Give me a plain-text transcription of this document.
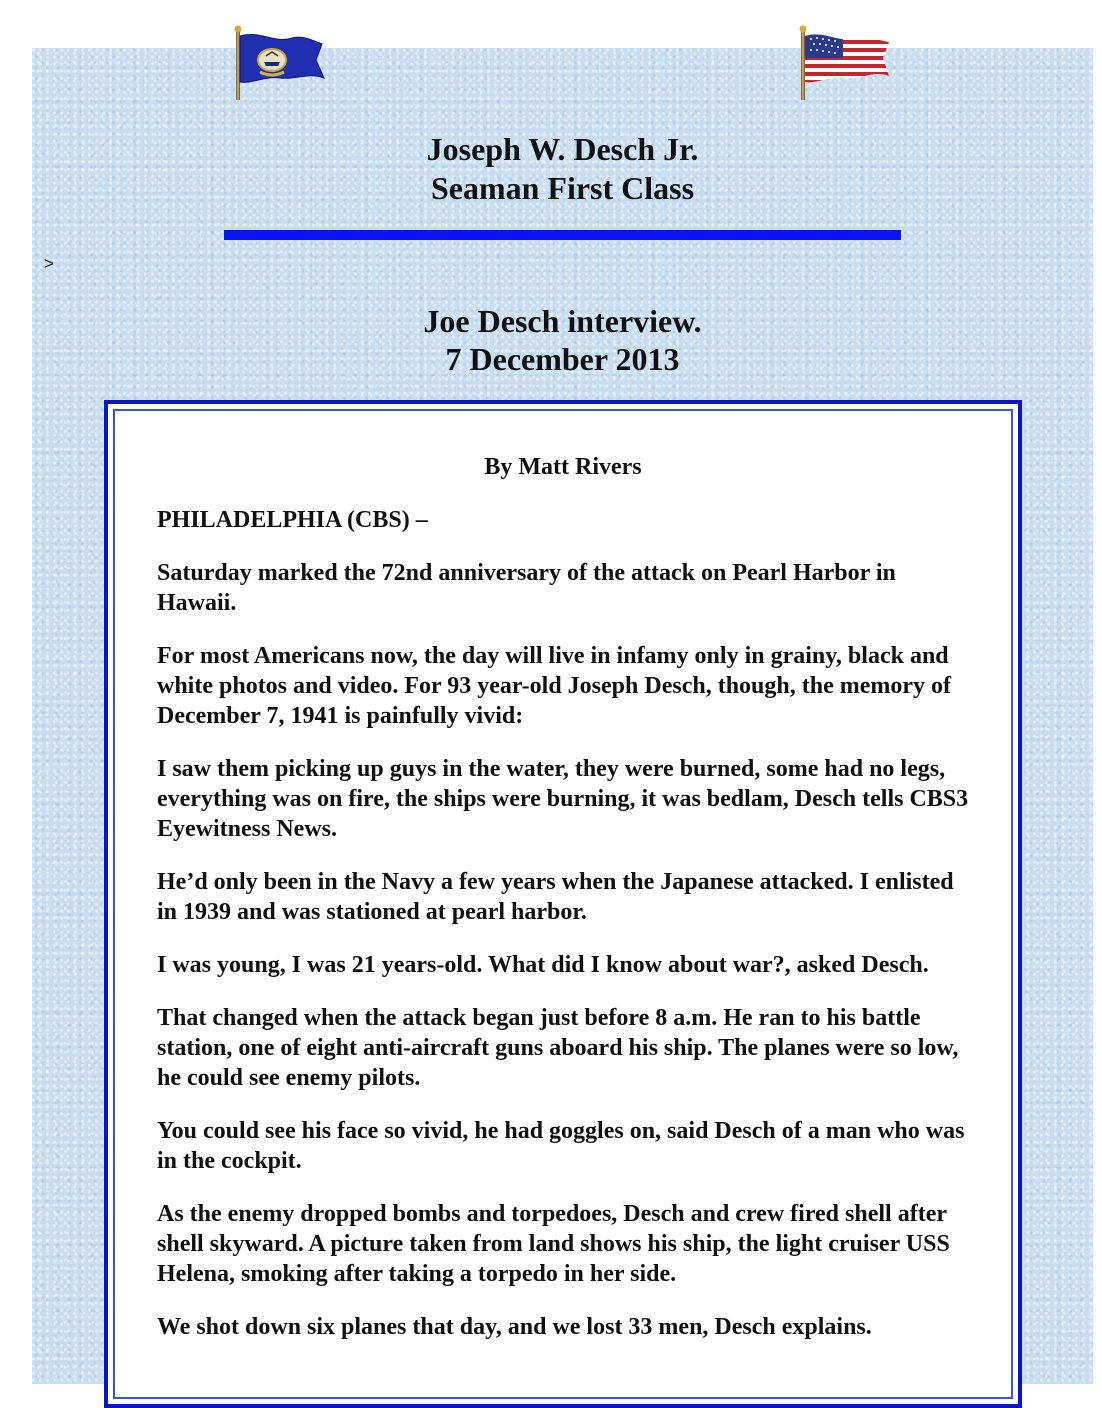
Joseph W. Desch Jr.
Seaman First Class
>
Joe Desch interview.
7 December 2013
By Matt Rivers

PHILADELPHIA (CBS) –

Saturday marked the 72nd anniversary of the attack on Pearl Harbor in Hawaii.

For most Americans now, the day will live in infamy only in grainy, black and white photos and video. For 93 year-old Joseph Desch, though, the memory of December 7, 1941 is painfully vivid:

I saw them picking up guys in the water, they were burned, some had no legs, everything was on fire, the ships were burning, it was bedlam, Desch tells CBS3 Eyewitness News.

He’d only been in the Navy a few years when the Japanese attacked. I enlisted in 1939 and was stationed at pearl harbor.

I was young, I was 21 years-old. What did I know about war?, asked Desch.

That changed when the attack began just before 8 a.m. He ran to his battle station, one of eight anti-aircraft guns aboard his ship. The planes were so low, he could see enemy pilots.

You could see his face so vivid, he had goggles on, said Desch of a man who was in the cockpit.

As the enemy dropped bombs and torpedoes, Desch and crew fired shell after shell skyward. A picture taken from land shows his ship, the light cruiser USS Helena, smoking after taking a torpedo in her side.

We shot down six planes that day, and we lost 33 men, Desch explains.
